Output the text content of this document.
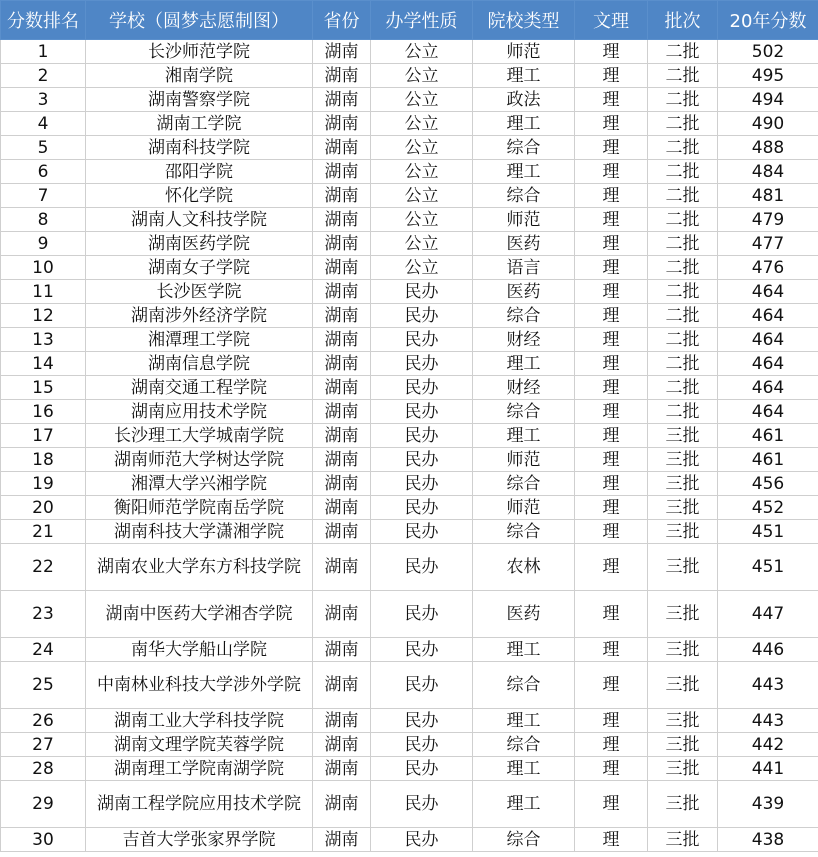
分数排名	学校（圆梦志愿制图）	省份	办学性质	院校类型	文理	批次	20年分数
1	长沙师范学院	湖南	公立	师范	理	二批	502
2	湘南学院	湖南	公立	理工	理	二批	495
3	湖南警察学院	湖南	公立	政法	理	二批	494
4	湖南工学院	湖南	公立	理工	理	二批	490
5	湖南科技学院	湖南	公立	综合	理	二批	488
6	邵阳学院	湖南	公立	理工	理	二批	484
7	怀化学院	湖南	公立	综合	理	二批	481
8	湖南人文科技学院	湖南	公立	师范	理	二批	479
9	湖南医药学院	湖南	公立	医药	理	二批	477
10	湖南女子学院	湖南	公立	语言	理	二批	476
11	长沙医学院	湖南	民办	医药	理	二批	464
12	湖南涉外经济学院	湖南	民办	综合	理	二批	464
13	湘潭理工学院	湖南	民办	财经	理	二批	464
14	湖南信息学院	湖南	民办	理工	理	二批	464
15	湖南交通工程学院	湖南	民办	财经	理	二批	464
16	湖南应用技术学院	湖南	民办	综合	理	二批	464
17	长沙理工大学城南学院	湖南	民办	理工	理	三批	461
18	湖南师范大学树达学院	湖南	民办	师范	理	三批	461
19	湘潭大学兴湘学院	湖南	民办	综合	理	三批	456
20	衡阳师范学院南岳学院	湖南	民办	师范	理	三批	452
21	湖南科技大学潇湘学院	湖南	民办	综合	理	三批	451
22	湖南农业大学东方科技学院	湖南	民办	农林	理	三批	451
23	湖南中医药大学湘杏学院	湖南	民办	医药	理	三批	447
24	南华大学船山学院	湖南	民办	理工	理	三批	446
25	中南林业科技大学涉外学院	湖南	民办	综合	理	三批	443
26	湖南工业大学科技学院	湖南	民办	理工	理	三批	443
27	湖南文理学院芙蓉学院	湖南	民办	综合	理	三批	442
28	湖南理工学院南湖学院	湖南	民办	理工	理	三批	441
29	湖南工程学院应用技术学院	湖南	民办	理工	理	三批	439
30	吉首大学张家界学院	湖南	民办	综合	理	三批	438
